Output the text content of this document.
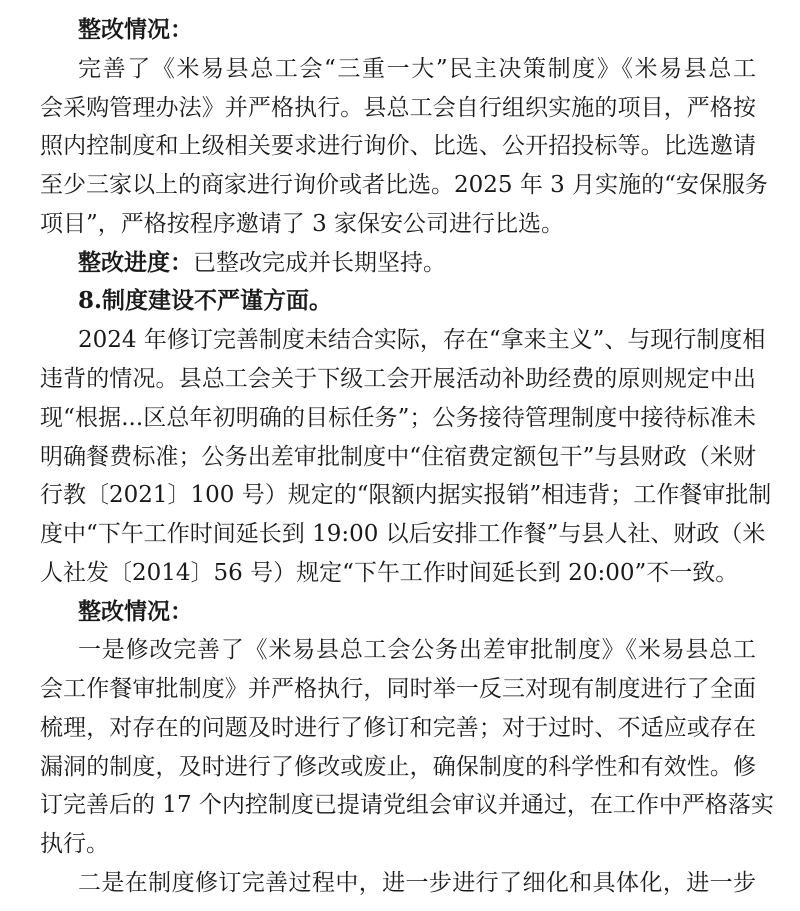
整改情况：
完善了《米易县总工会“三重一大”民主决策制度》《米易县总工
会采购管理办法》并严格执行。县总工会自行组织实施的项目，严格按
照内控制度和上级相关要求进行询价、比选、公开招投标等。比选邀请
至少三家以上的商家进行询价或者比选。2025 年 3 月实施的“安保服务
项目”，严格按程序邀请了 3 家保安公司进行比选。
整改进度：已整改完成并长期坚持。
8.制度建设不严谨方面。
2024 年修订完善制度未结合实际，存在“拿来主义”、与现行制度相
违背的情况。县总工会关于下级工会开展活动补助经费的原则规定中出
现“根据...区总年初明确的目标任务”；公务接待管理制度中接待标准未
明确餐费标准；公务出差审批制度中“住宿费定额包干”与县财政（米财
行教〔2021〕100 号）规定的“限额内据实报销”相违背；工作餐审批制
度中“下午工作时间延长到 19:00 以后安排工作餐”与县人社、财政（米
人社发〔2014〕56 号）规定“下午工作时间延长到 20:00”不一致。
整改情况：
一是修改完善了《米易县总工会公务出差审批制度》《米易县总工
会工作餐审批制度》并严格执行，同时举一反三对现有制度进行了全面
梳理，对存在的问题及时进行了修订和完善；对于过时、不适应或存在
漏洞的制度，及时进行了修改或废止，确保制度的科学性和有效性。修
订完善后的 17 个内控制度已提请党组会审议并通过，在工作中严格落实
执行。
二是在制度修订完善过程中，进一步进行了细化和具体化，进一步
